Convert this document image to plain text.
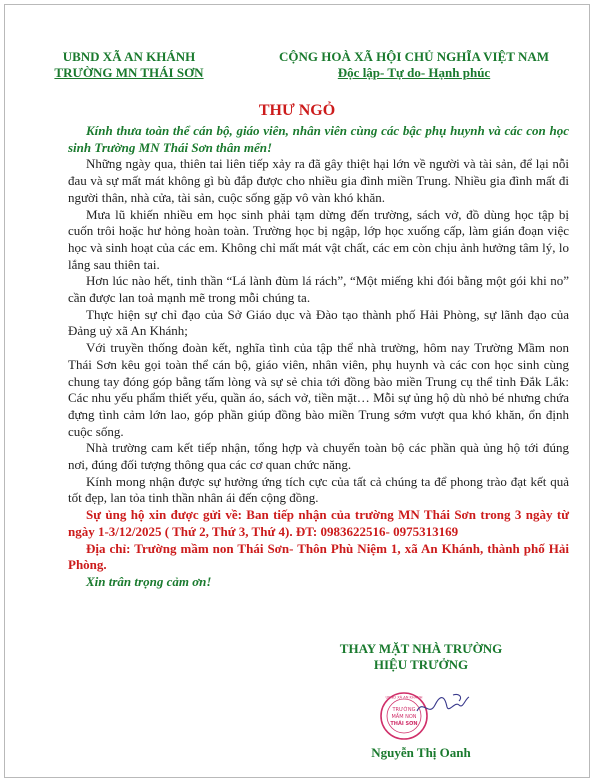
UBND XÃ AN KHÁNH
TRƯỜNG MN THÁI SƠN
CỘNG HOÀ XÃ HỘI CHỦ NGHĨA VIỆT NAM
Độc lập- Tự do- Hạnh phúc
THƯ NGỎ

Kính thưa toàn thể cán bộ, giáo viên, nhân viên cùng các bậc phụ huynh và các con học sinh Trường MN Thái Sơn thân mến!

Những ngày qua, thiên tai liên tiếp xảy ra đã gây thiệt hại lớn về người và tài sản, để lại nỗi đau và sự mất mát không gì bù đắp được cho nhiều gia đình miền Trung. Nhiều gia đình mất đi người thân, nhà cửa, tài sản, cuộc sống gặp vô vàn khó khăn.

Mưa lũ khiến nhiều em học sinh phải tạm dừng đến trường, sách vở, đồ dùng học tập bị cuốn trôi hoặc hư hỏng hoàn toàn. Trường học bị ngập, lớp học xuống cấp, làm gián đoạn việc học và sinh hoạt của các em. Không chỉ mất mát vật chất, các em còn chịu ảnh hưởng tâm lý, lo lắng sau thiên tai.

Hơn lúc nào hết, tinh thần “Lá lành đùm lá rách”, “Một miếng khi đói bằng một gói khi no” cần được lan toả mạnh mẽ trong mỗi chúng ta.

Thực hiện sự chỉ đạo của Sở Giáo dục và Đào tạo thành phố Hải Phòng, sự lãnh đạo của Đảng uỷ xã An Khánh;

Với truyền thống đoàn kết, nghĩa tình của tập thể nhà trường, hôm nay Trường Mầm non Thái Sơn kêu gọi toàn thể cán bộ, giáo viên, nhân viên, phụ huynh và các con học sinh cùng chung tay đóng góp bằng tấm lòng và sự sẻ chia tới đồng bào miền Trung cụ thể tỉnh Đắk Lắk: Các nhu yếu phẩm thiết yếu, quần áo, sách vở, tiền mặt… Mỗi sự ủng hộ dù nhỏ bé nhưng chứa đựng tình cảm lớn lao, góp phần giúp đồng bào miền Trung sớm vượt qua khó khăn, ổn định cuộc sống.

Nhà trường cam kết tiếp nhận, tổng hợp và chuyển toàn bộ các phần quà ủng hộ tới đúng nơi, đúng đối tượng thông qua các cơ quan chức năng.

Kính mong nhận được sự hưởng ứng tích cực của tất cả chúng ta để phong trào đạt kết quả tốt đẹp, lan tỏa tinh thần nhân ái đến cộng đồng.

Sự ủng hộ xin được gửi về: Ban tiếp nhận của trường MN Thái Sơn trong 3 ngày từ ngày 1-3/12/2025 ( Thứ 2, Thứ 3, Thứ 4). ĐT: 0983622516- 0975313169

Địa chỉ: Trường mầm non Thái Sơn- Thôn Phù Niệm 1, xã An Khánh, thành phố Hải Phòng.

Xin trân trọng cảm ơn!

THAY MẶT NHÀ TRƯỜNG
HIỆU TRƯỞNG
UBND XÃ AN KHÁNH
TRƯỜNG
MẦM NON
THÁI SƠN
Nguyễn Thị Oanh
